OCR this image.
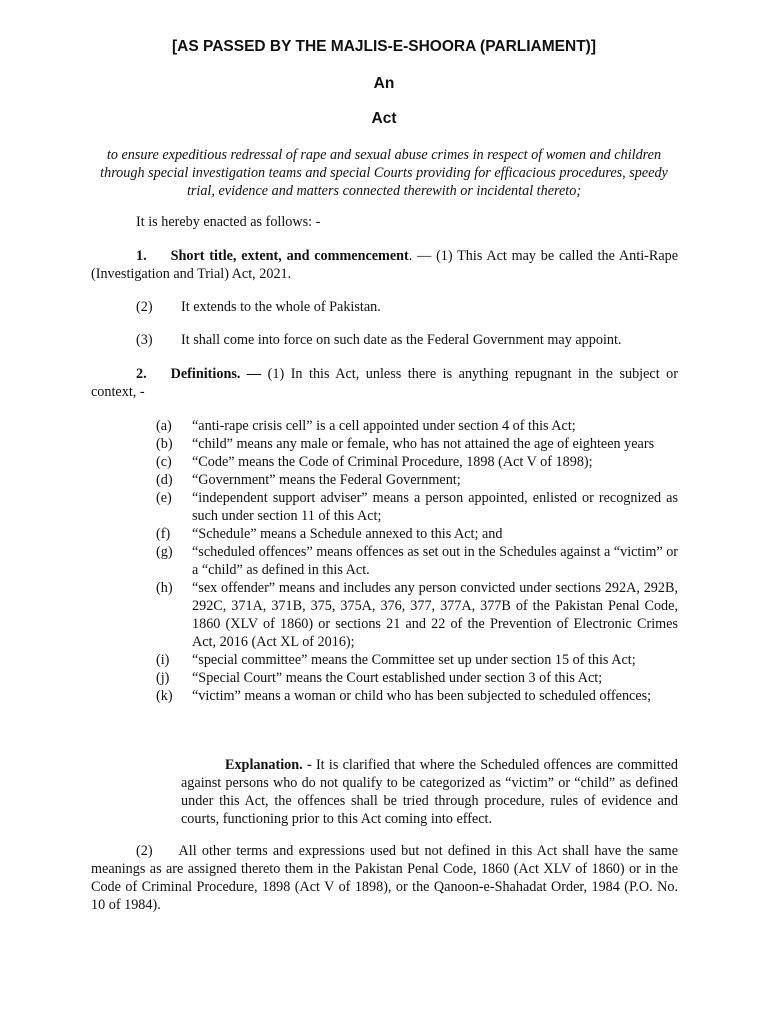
[AS PASSED BY THE MAJLIS-E-SHOORA (PARLIAMENT)]
An
Act
to ensure expeditious redressal of rape and sexual abuse crimes in respect of women and children through special investigation teams and special Courts providing for efficacious procedures, speedy trial, evidence and matters connected therewith or incidental thereto;
It is hereby enacted as follows: -
1. Short title, extent, and commencement. — (1) This Act may be called the Anti-Rape (Investigation and Trial) Act, 2021.
(2) It extends to the whole of Pakistan.
(3) It shall come into force on such date as the Federal Government may appoint.
2. Definitions. — (1) In this Act, unless there is anything repugnant in the subject or context, -
(a)	“anti-rape crisis cell” is a cell appointed under section 4 of this Act;
(b)	“child” means any male or female, who has not attained the age of eighteen years
(c)	“Code” means the Code of Criminal Procedure, 1898 (Act V of 1898);
(d)	“Government” means the Federal Government;
(e)	“independent support adviser” means a person appointed, enlisted or recognized as such under section 11 of this Act;
(f)	“Schedule” means a Schedule annexed to this Act; and
(g)	“scheduled offences” means offences as set out in the Schedules against a “victim” or a “child” as defined in this Act.
(h)	“sex offender” means and includes any person convicted under sections 292A, 292B, 292C, 371A, 371B, 375, 375A, 376, 377, 377A, 377B of the Pakistan Penal Code, 1860 (XLV of 1860) or sections 21 and 22 of the Prevention of Electronic Crimes Act, 2016 (Act XL of 2016);
(i)	“special committee” means the Committee set up under section 15 of this Act;
(j)	“Special Court” means the Court established under section 3 of this Act;
(k)	“victim” means a woman or child who has been subjected to scheduled offences;
Explanation. - It is clarified that where the Scheduled offences are committed against persons who do not qualify to be categorized as “victim” or “child” as defined under this Act, the offences shall be tried through procedure, rules of evidence and courts, functioning prior to this Act coming into effect.
(2) All other terms and expressions used but not defined in this Act shall have the same meanings as are assigned thereto them in the Pakistan Penal Code, 1860 (Act XLV of 1860) or in the Code of Criminal Procedure, 1898 (Act V of 1898), or the Qanoon-e-Shahadat Order, 1984 (P.O. No. 10 of 1984).
